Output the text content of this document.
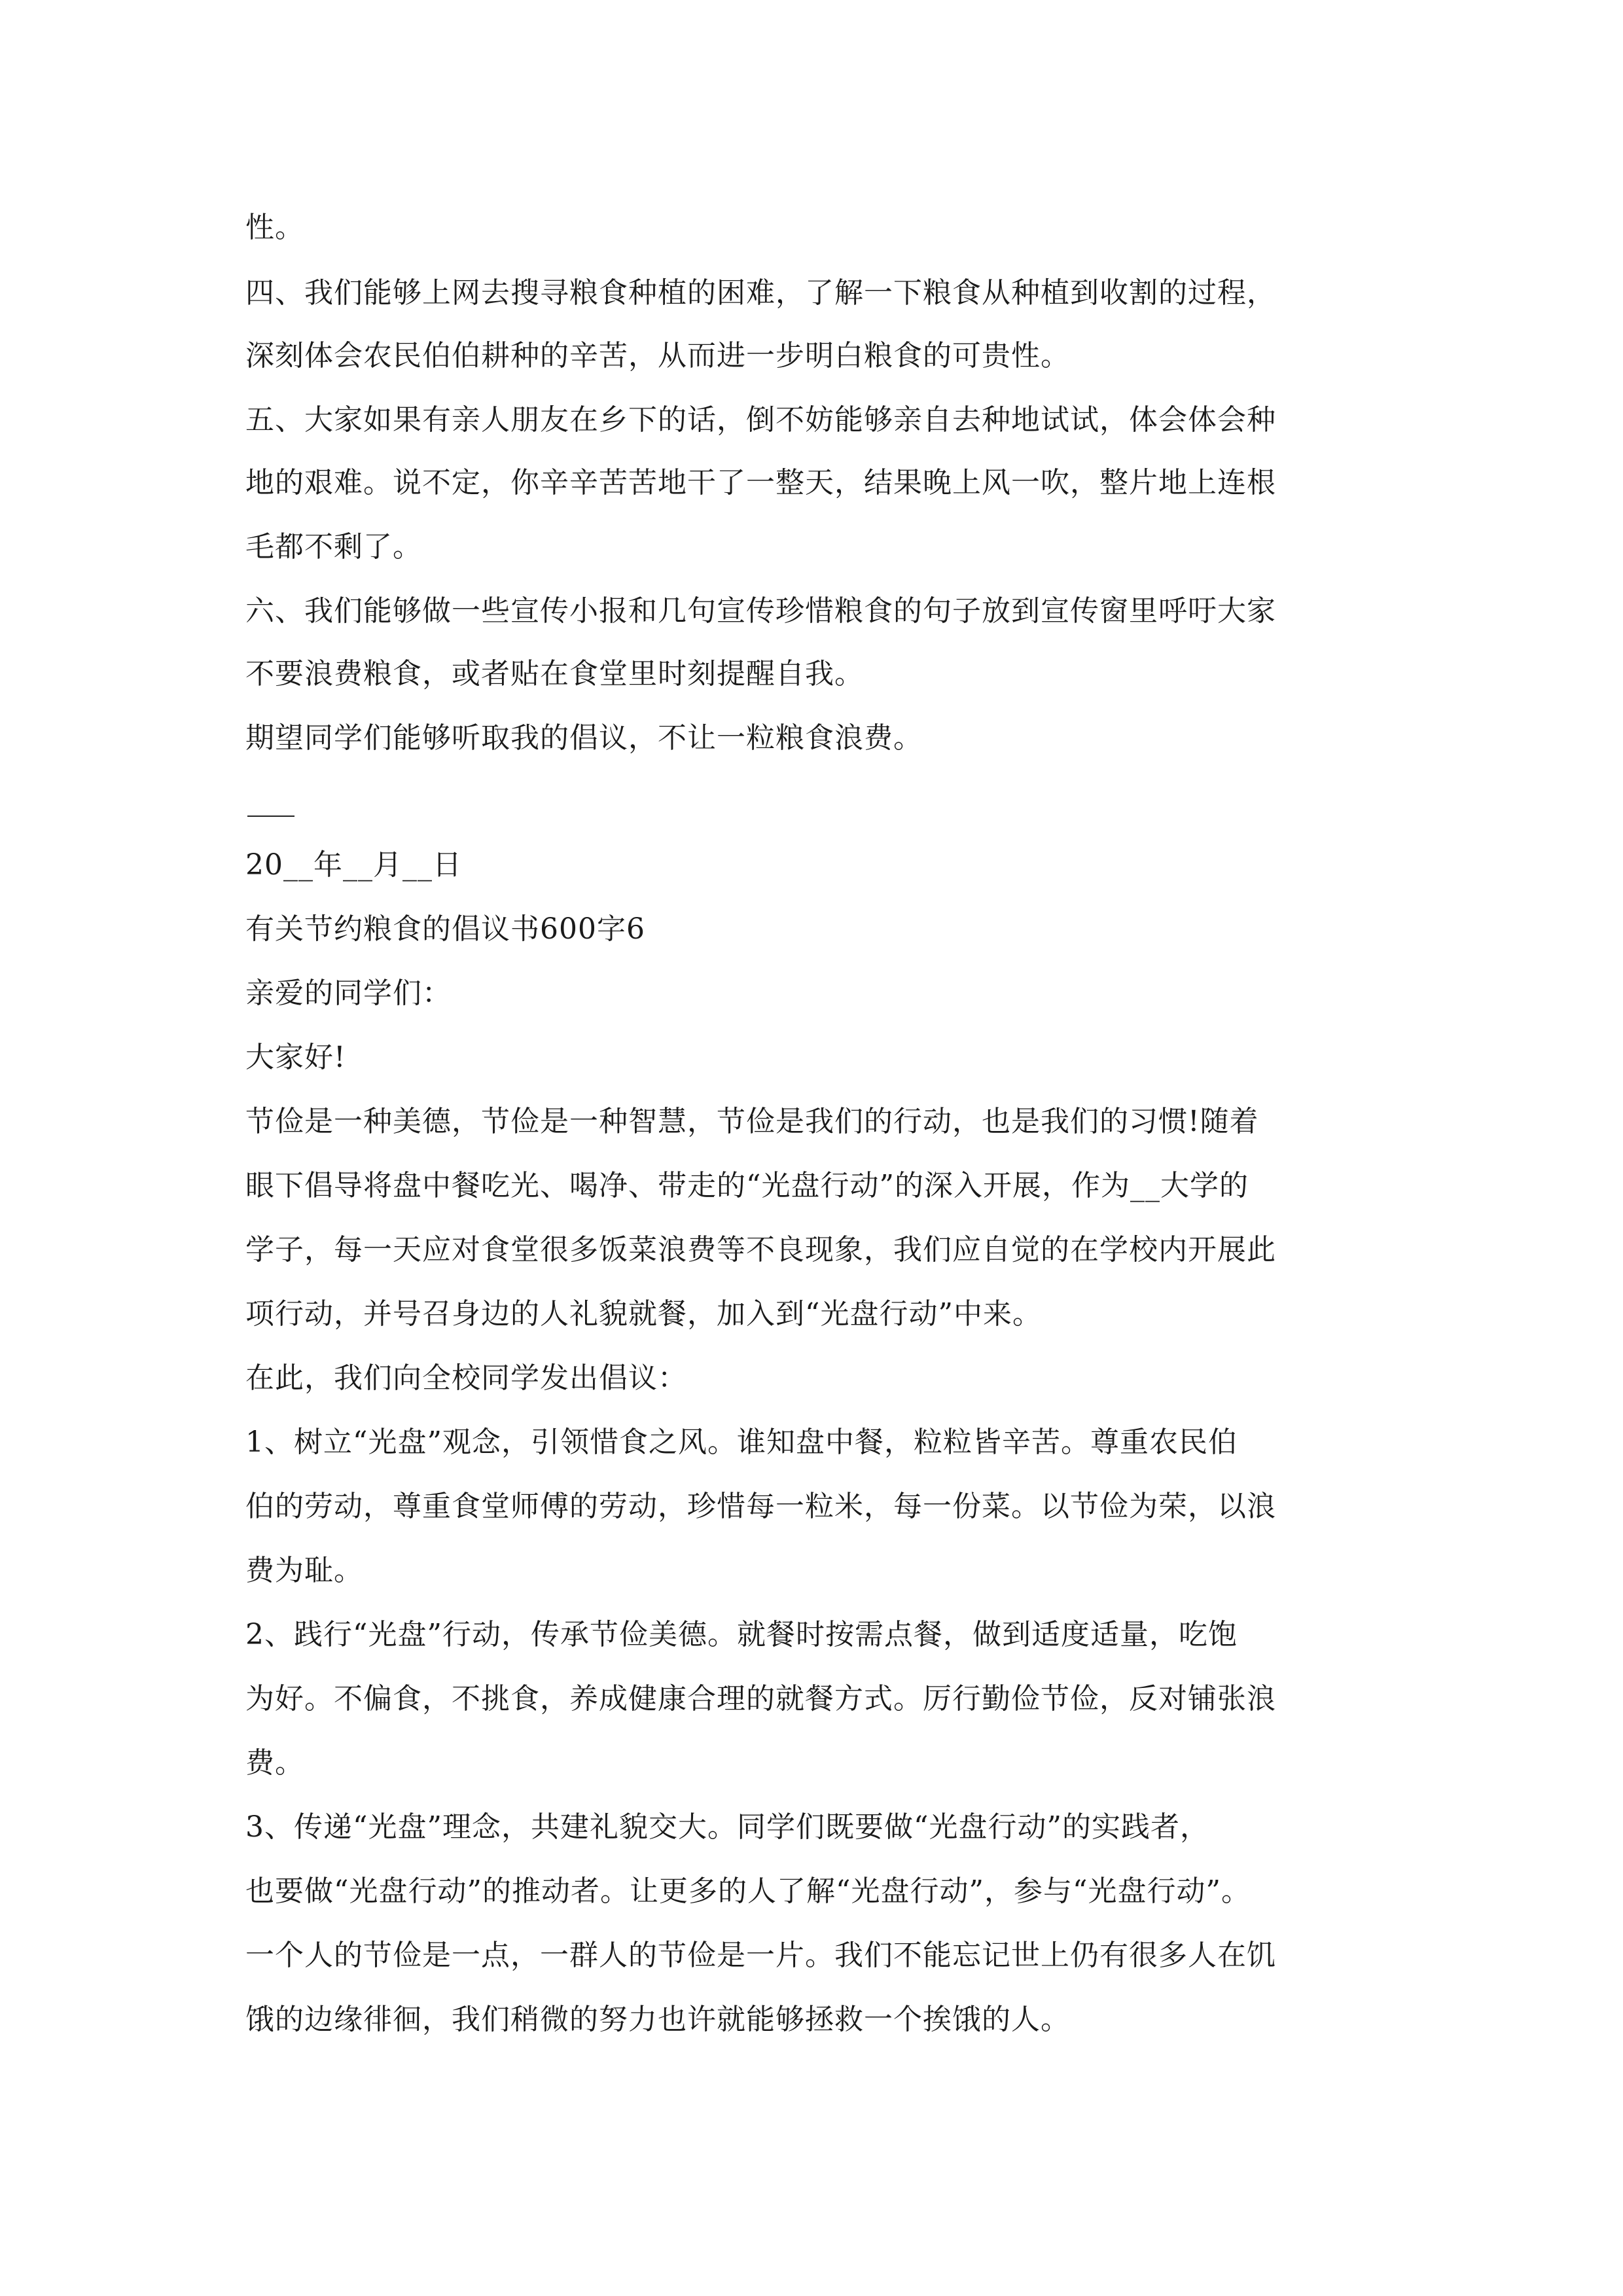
性。
四、我们能够上网去搜寻粮食种植的困难，了解一下粮食从种植到收割的过程，
深刻体会农民伯伯耕种的辛苦，从而进一步明白粮食的可贵性。
五、大家如果有亲人朋友在乡下的话，倒不妨能够亲自去种地试试，体会体会种
地的艰难。说不定，你辛辛苦苦地干了一整天，结果晚上风一吹，整片地上连根
毛都不剩了。
六、我们能够做一些宣传小报和几句宣传珍惜粮食的句子放到宣传窗里呼吁大家
不要浪费粮食，或者贴在食堂里时刻提醒自我。
期望同学们能够听取我的倡议，不让一粒粮食浪费。
20__年__月__日
有关节约粮食的倡议书600字6
亲爱的同学们：
大家好!
节俭是一种美德，节俭是一种智慧，节俭是我们的行动，也是我们的习惯!随着
眼下倡导将盘中餐吃光、喝净、带走的“光盘行动”的深入开展，作为__大学的
学子，每一天应对食堂很多饭菜浪费等不良现象，我们应自觉的在学校内开展此
项行动，并号召身边的人礼貌就餐，加入到“光盘行动”中来。
在此，我们向全校同学发出倡议：
1、树立“光盘”观念，引领惜食之风。谁知盘中餐，粒粒皆辛苦。尊重农民伯
伯的劳动，尊重食堂师傅的劳动，珍惜每一粒米，每一份菜。以节俭为荣，以浪
费为耻。
2、践行“光盘”行动，传承节俭美德。就餐时按需点餐，做到适度适量，吃饱
为好。不偏食，不挑食，养成健康合理的就餐方式。厉行勤俭节俭，反对铺张浪
费。
3、传递“光盘”理念，共建礼貌交大。同学们既要做“光盘行动”的实践者，
也要做“光盘行动”的推动者。让更多的人了解“光盘行动”，参与“光盘行动”。
一个人的节俭是一点，一群人的节俭是一片。我们不能忘记世上仍有很多人在饥
饿的边缘徘徊，我们稍微的努力也许就能够拯救一个挨饿的人。
